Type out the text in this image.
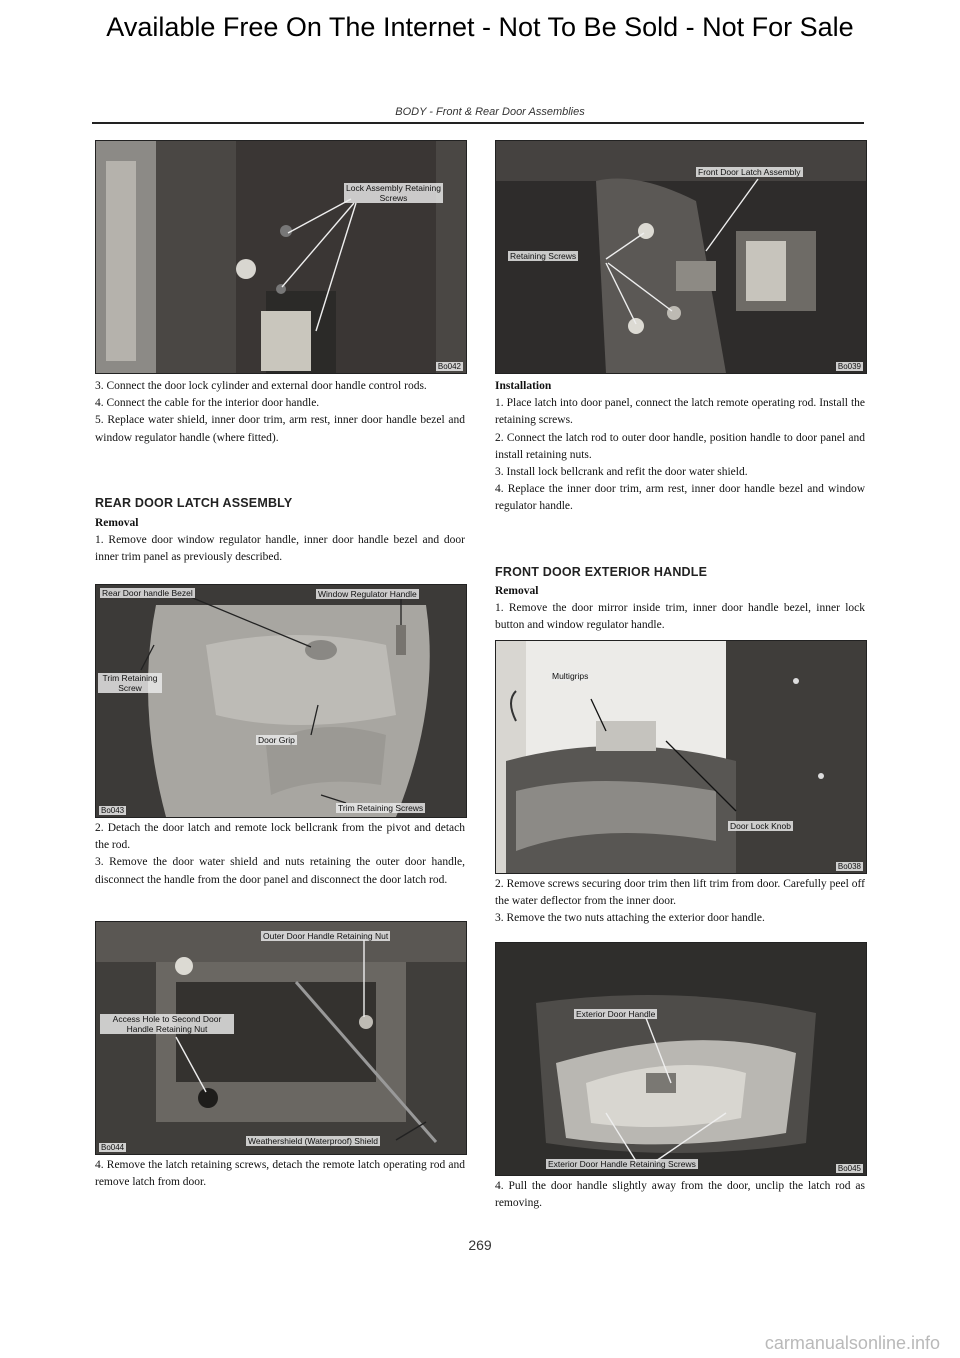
Available Free On The Internet - Not To Be Sold - Not For Sale
BODY - Front & Rear Door Assemblies
Lock Assembly Retaining Screws
Bo042
Front Door Latch Assembly
Retaining Screws
Bo039

3. Connect the door lock cylinder and external door handle control rods.

4. Connect the cable for the interior door handle.

5. Replace water shield, inner door trim, arm rest, inner door handle bezel and window regulator handle (where fitted).

REAR DOOR LATCH ASSEMBLY

Removal

1. Remove door window regulator handle, inner door handle bezel and door inner trim panel as previously described.

Rear Door handle Bezel	Window Regulator Handle
Trim Retaining Screw
Door Grip
Trim Retaining Screws
Bo043

2. Detach the door latch and remote lock bellcrank from the pivot and detach the rod.

3. Remove the door water shield and nuts retaining the outer door handle, disconnect the handle from the door panel and disconnect the door latch rod.

Outer Door Handle Retaining Nut
Access Hole to Second Door Handle Retaining Nut
Weathershield (Waterproof) Shield
Bo044

4. Remove the latch retaining screws, detach the remote latch operating rod and remove latch from door.

Installation

1. Place latch into door panel, connect the latch remote operating rod. Install the retaining screws.

2. Connect the latch rod to outer door handle, position handle to door panel and install retaining nuts.

3. Install lock bellcrank and refit the door water shield.

4. Replace the inner door trim, arm rest, inner door handle bezel and window regulator handle.

FRONT DOOR EXTERIOR HANDLE

Removal

1. Remove the door mirror inside trim, inner door handle bezel, inner lock button and window regulator handle.

Multigrips
Door Lock Knob
Bo038

2. Remove screws securing door trim then lift trim from door. Carefully peel off the water deflector from the inner door.

3. Remove the two nuts attaching the exterior door handle.

Exterior Door Handle
Exterior Door Handle Retaining Screws	Bo045

4. Pull the door handle slightly away from the door, unclip the latch rod as removing.

269
carmanualsonline.info
